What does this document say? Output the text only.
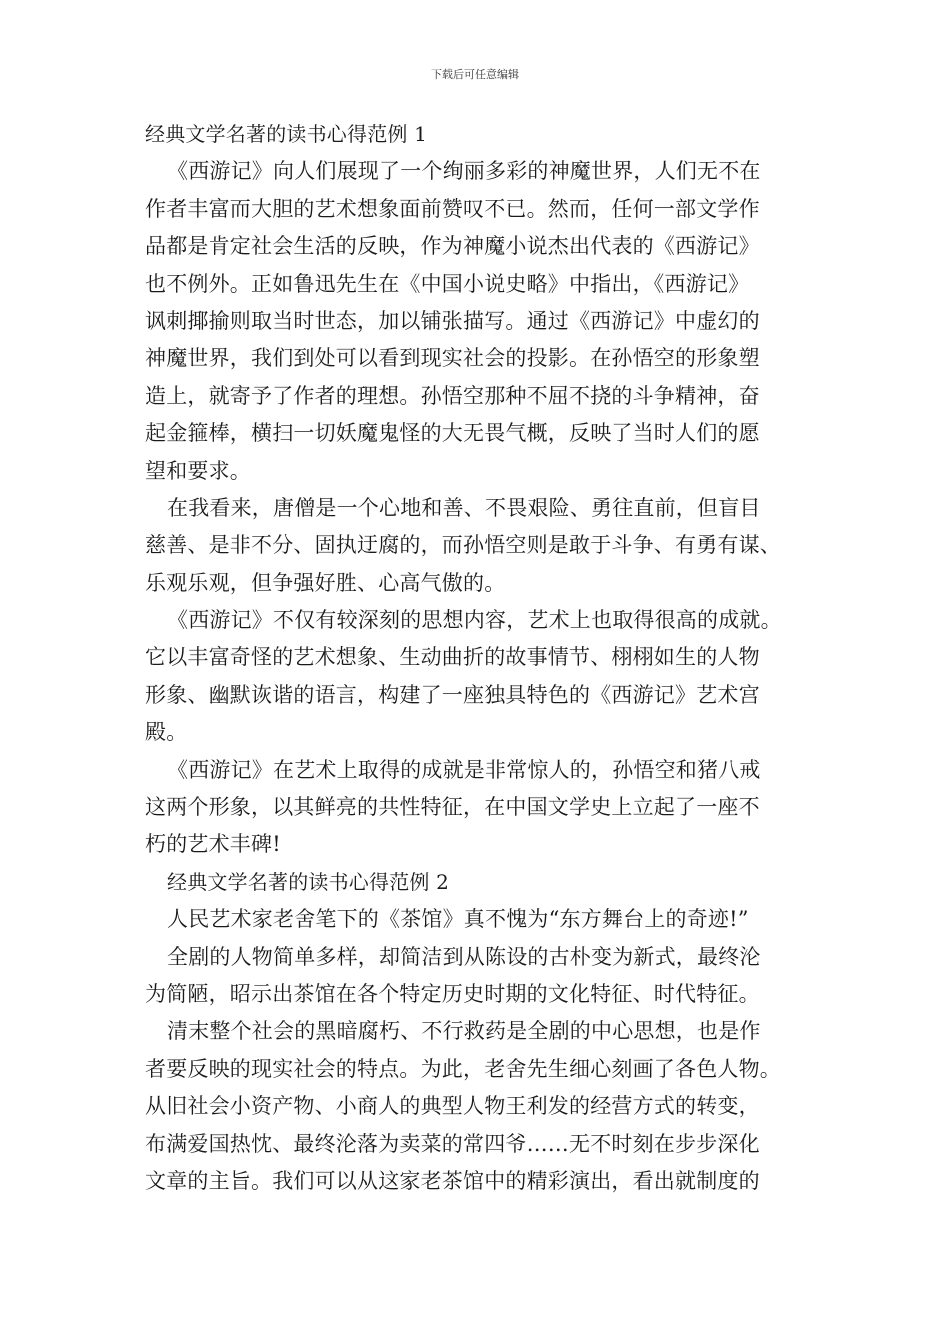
下载后可任意编辑
经典文学名著的读书心得范例 1
《西游记》向人们展现了一个绚丽多彩的神魔世界，人们无不在
作者丰富而大胆的艺术想象面前赞叹不已。然而，任何一部文学作
品都是肯定社会生活的反映，作为神魔小说杰出代表的《西游记》
也不例外。正如鲁迅先生在《中国小说史略》中指出，《西游记》
讽刺揶揄则取当时世态，加以铺张描写。通过《西游记》中虚幻的
神魔世界，我们到处可以看到现实社会的投影。在孙悟空的形象塑
造上，就寄予了作者的理想。孙悟空那种不屈不挠的斗争精神，奋
起金箍棒，横扫一切妖魔鬼怪的大无畏气概，反映了当时人们的愿
望和要求。
在我看来，唐僧是一个心地和善、不畏艰险、勇往直前，但盲目
慈善、是非不分、固执迂腐的，而孙悟空则是敢于斗争、有勇有谋、
乐观乐观，但争强好胜、心高气傲的。
《西游记》不仅有较深刻的思想内容，艺术上也取得很高的成就。
它以丰富奇怪的艺术想象、生动曲折的故事情节、栩栩如生的人物
形象、幽默诙谐的语言，构建了一座独具特色的《西游记》艺术宫
殿。
《西游记》在艺术上取得的成就是非常惊人的，孙悟空和猪八戒
这两个形象，以其鲜亮的共性特征，在中国文学史上立起了一座不
朽的艺术丰碑!
经典文学名著的读书心得范例 2
人民艺术家老舍笔下的《茶馆》真不愧为“东方舞台上的奇迹!”
全剧的人物简单多样，却简洁到从陈设的古朴变为新式，最终沦
为简陋，昭示出茶馆在各个特定历史时期的文化特征、时代特征。
清末整个社会的黑暗腐朽、不行救药是全剧的中心思想，也是作
者要反映的现实社会的特点。为此，老舍先生细心刻画了各色人物。
从旧社会小资产物、小商人的典型人物王利发的经营方式的转变，
布满爱国热忱、最终沦落为卖菜的常四爷……无不时刻在步步深化
文章的主旨。我们可以从这家老茶馆中的精彩演出，看出就制度的
